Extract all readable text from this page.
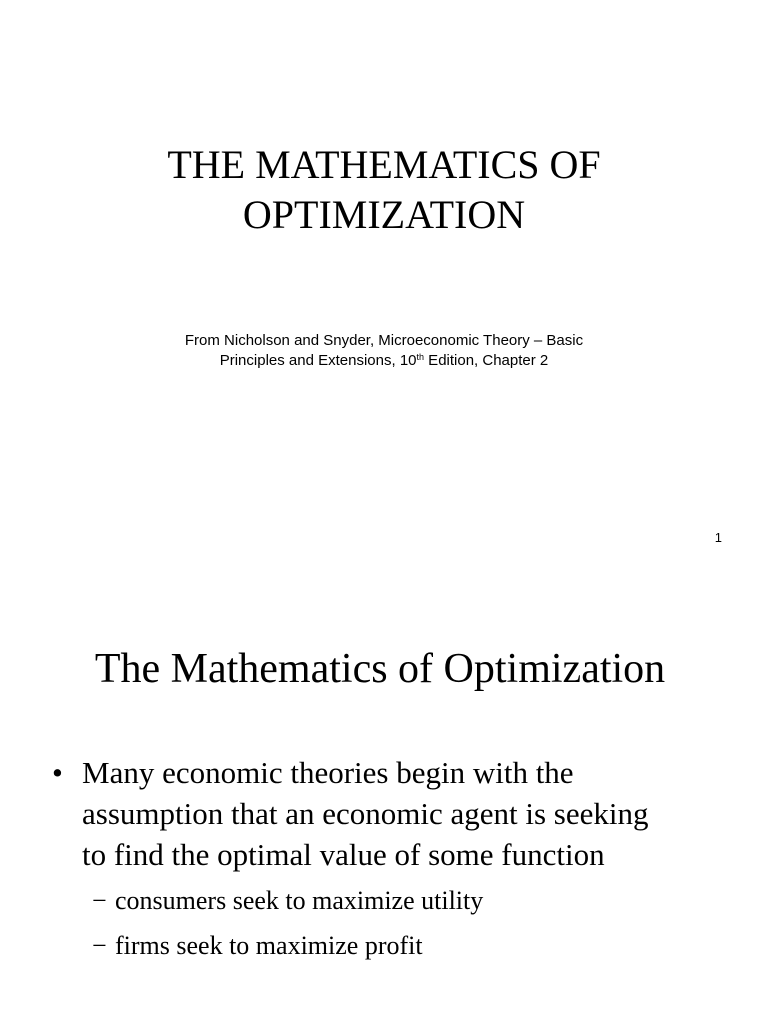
THE MATHEMATICS OF
OPTIMIZATION
From Nicholson and Snyder, Microeconomic Theory – Basic
Principles and Extensions, 10th Edition, Chapter 2
1
The Mathematics of Optimization
• Many economic theories begin with the
assumption that an economic agent is seeking
to find the optimal value of some function
− consumers seek to maximize utility
− firms seek to maximize profit
